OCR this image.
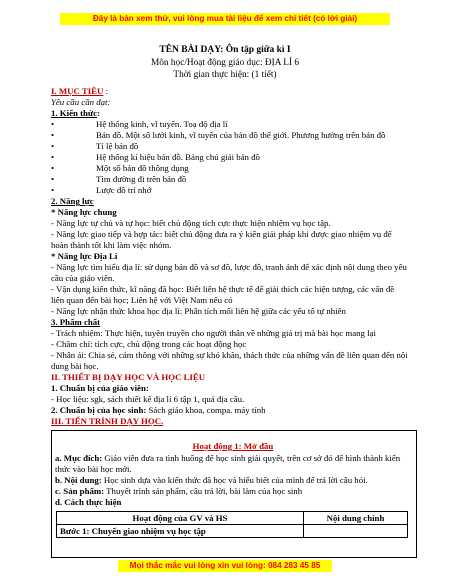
Đây là bản xem thử, vui lòng mua tài liệu để xem chi tiết (có lời giải)
TÊN BÀI DẠY: Ôn tập giữa kì I
Môn học/Hoạt động giáo dục: ĐỊA LÍ 6
Thời gian thực hiện: (1 tiết)
I. MỤC TIÊU :
Yêu cầu cần đạt:
1. Kiến thức:
• Hệ thống kinh, vĩ tuyến. Toạ độ địa lí
• Bản đồ. Một số lưới kinh, vĩ tuyến của bản đồ thế giới. Phương hướng trên bản đồ
• Tỉ lệ bản đồ
• Hệ thống kí hiệu bản đồ. Bảng chú giải bản đồ
• Một số bản đồ thông dụng
• Tìm đường đi trên bản đồ
• Lược đồ trí nhớ
2. Năng lực
* Năng lực chung
- Năng lực tự chủ và tự học: biết chủ động tích cực thực hiện nhiệm vụ học tập.
- Năng lực giao tiếp và hợp tác: biết chủ động đưa ra ý kiến giải pháp khi được giao nhiệm vụ để hoàn thành tốt khi làm việc nhóm.
* Năng lực Địa Lí
- Năng lực tìm hiểu địa lí: sử dụng bản đồ và sơ đồ, lược đồ, tranh ảnh để xác định nội dung theo yêu cầu của giáo viên.
- Vận dụng kiến thức, kĩ năng đã học: Biết liên hệ thực tế để giải thích các hiện tượng, các vấn đề liên quan đến bài học; Liên hệ với Việt Nam nếu có
- Năng lực nhận thức khoa học địa lí: Phân tích mối liên hệ giữa các yếu tố tự nhiên
3. Phẩm chất
- Trách nhiệm: Thực hiện, tuyên truyền cho người thân về những giá trị mà bài học mang lại
- Chăm chỉ: tích cực, chủ động trong các hoạt động học
- Nhân ái: Chia sẻ, cảm thông với những sự khó khăn, thách thức của những vấn đề liên quan đến nội dung bài học.
II. THIẾT BỊ DẠY HỌC VÀ HỌC LIỆU
1. Chuẩn bị của giáo viên:
- Học liệu: sgk, sách thiết kế địa lí 6 tập 1, quả địa cầu.
2. Chuẩn bị của học sinh: Sách giáo khoa, compa. máy tính
III. TIẾN TRÌNH DẠY HỌC.
Hoạt động 1: Mở đầu
a. Mục đích: Giáo viên đưa ra tình huống để học sinh giải quyết, trên cơ sở đó để hình thành kiến thức vào bài học mới.
b. Nội dung: Học sinh dựa vào kiến thức đã học và hiểu biết của mình để trả lời câu hỏi.
c. Sản phẩm: Thuyết trình sản phẩm, câu trả lời, bài làm của học sinh
d. Cách thực hiện
Hoạt động của GV và HS	Nội dung chính
Bước 1: Chuyển giao nhiệm vụ học tập	
Mọi thắc mắc vui lòng xin vui lòng: 084 283 45 85
